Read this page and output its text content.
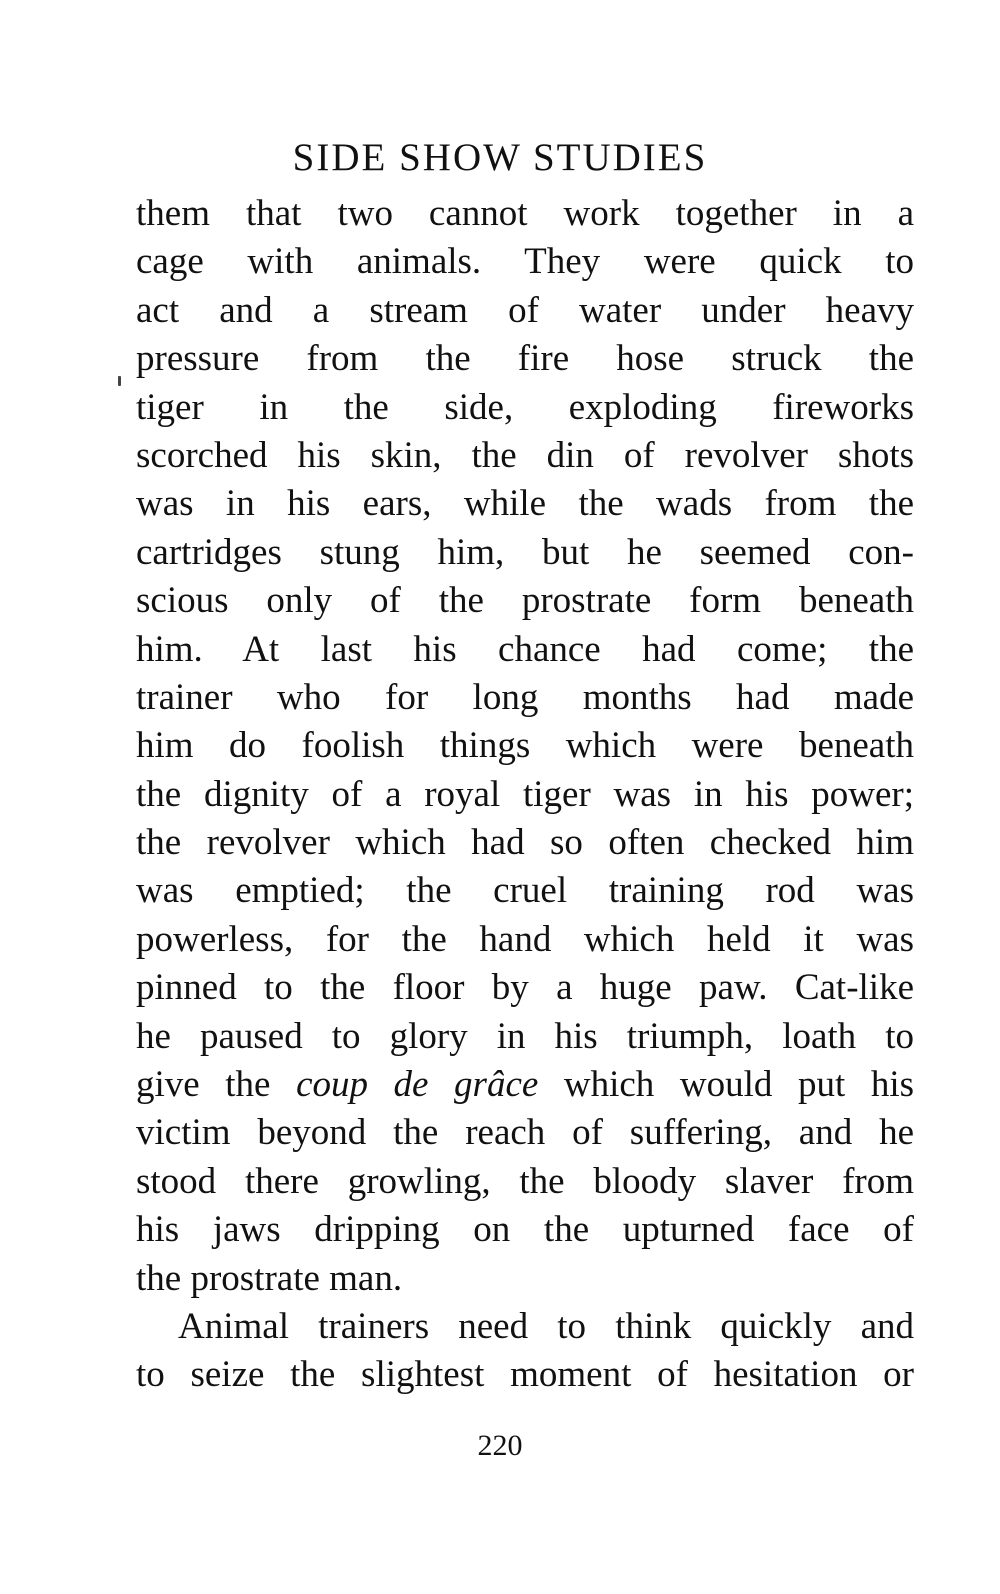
SIDE SHOW STUDIES
them that two cannot work together in a
cage with animals. They were quick to
act and a stream of water under heavy
pressure from the fire hose struck the
tiger in the side, exploding fireworks
scorched his skin, the din of revolver shots
was in his ears, while the wads from the
cartridges stung him, but he seemed con-
scious only of the prostrate form beneath
him. At last his chance had come; the
trainer who for long months had made
him do foolish things which were beneath
the dignity of a royal tiger was in his power;
the revolver which had so often checked him
was emptied; the cruel training rod was
powerless, for the hand which held it was
pinned to the floor by a huge paw. Cat-like
he paused to glory in his triumph, loath to
give the coup de grâce which would put his
victim beyond the reach of suffering, and he
stood there growling, the bloody slaver from
his jaws dripping on the upturned face of
the prostrate man.
Animal trainers need to think quickly and
to seize the slightest moment of hesitation or
220
